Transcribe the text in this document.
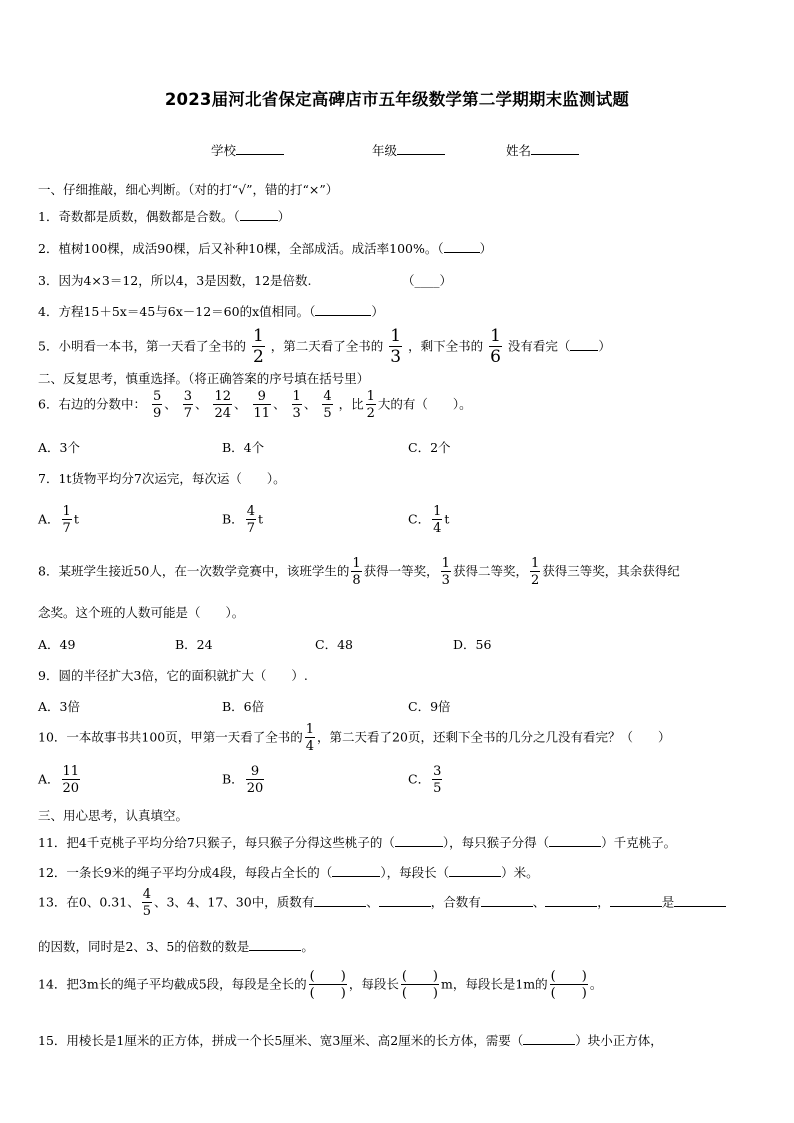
2023届河北省保定高碑店市五年级数学第二学期期末监测试题
学校	年级	姓名
一、仔细推敲，细心判断。（对的打“√”，错的打“×”）
1．奇数都是质数，偶数都是合数。（	）
2．植树100棵，成活90棵，后又补种10棵，全部成活。成活率100%。（	）
3．因为4×3＝12，所以4，3是因数，12是倍数.	（____）
4．方程15＋5x＝45与6x－12＝60的x值相同。（	）
5．小明看一本书，第一天看了全书的 $\frac{1}{2}$ ，第二天看了全书的 $\frac{1}{3}$ ，剩下全书的 $\frac{1}{6}$ 没有看完（ ）
二、反复思考，慎重选择。（将正确答案的序号填在括号里）
6．右边的分数中： $\frac{5}{9}$ 、 $\frac{3}{7}$ 、 $\frac{12}{24}$ 、 $\frac{9}{11}$ 、 $\frac{1}{3}$ 、 $\frac{4}{5}$ ，比 $\frac{1}{2}$ 大的有（　　）。
A．3个	B．4个	C．2个
7．1t货物平均分7次运完，每次运（　　）。
A． $\frac{1}{7}$ t	B． $\frac{4}{7}$ t	C． $\frac{1}{4}$ t
8．某班学生接近50人，在一次数学竞赛中，该班学生的 $\frac{1}{8}$ 获得一等奖， $\frac{1}{3}$ 获得二等奖， $\frac{1}{2}$ 获得三等奖，其余获得纪
念奖。这个班的人数可能是（　　）。
A．49	B．24	C．48	D．56
9．圆的半径扩大3倍，它的面积就扩大（　　）.
A．3倍	B．6倍	C．9倍
10．一本故事书共100页，甲第一天看了全书的 $\frac{1}{4}$ ，第二天看了20页，还剩下全书的几分之几没有看完？（　　）
A． $\frac{11}{20}$	B． $\frac{9}{20}$	C． $\frac{3}{5}$
三、用心思考，认真填空。
11．把4千克桃子平均分给7只猴子，每只猴子分得这些桃子的（	），每只猴子分得（	）千克桃子。
12．一条长9米的绳子平均分成4段，每段占全长的（	），每段长（	）米。
13．在0、0.31、 $\frac{4}{5}$ 、3、4、17、30中，质数有	、	，合数有	、	，	是
的因数，同时是2、3、5的倍数的数是	。
14．把3m长的绳子平均截成5段，每段是全长的 $\frac{( )}{( )}$ ，每段长 $\frac{( )}{( )}$ m，每段长是1m的 $\frac{( )}{( )}$ 。
15．用棱长是1厘米的正方体，拼成一个长5厘米、宽3厘米、高2厘米的长方体，需要（	）块小正方体，
